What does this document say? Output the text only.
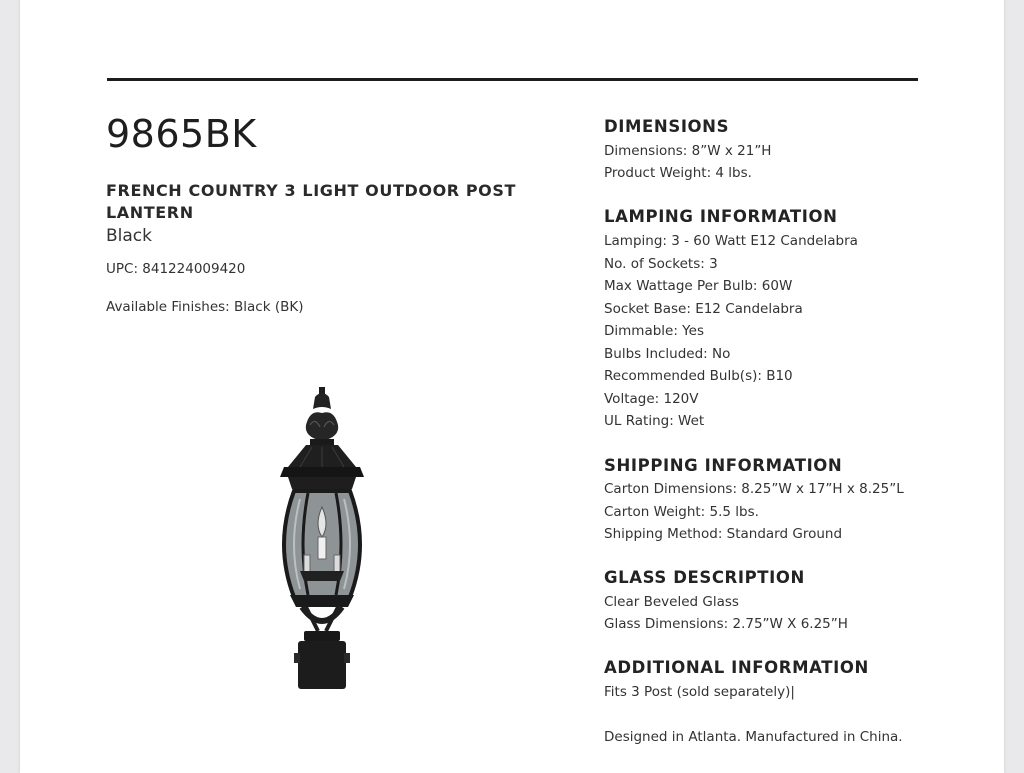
9865BK
FRENCH COUNTRY 3 LIGHT OUTDOOR POST LANTERN
Black
UPC: 841224009420
Available Finishes: Black (BK)
DIMENSIONS
Dimensions: 8”W x 21”H
Product Weight: 4 lbs.
LAMPING INFORMATION
Lamping: 3 - 60 Watt E12 Candelabra
No. of Sockets: 3
Max Wattage Per Bulb: 60W
Socket Base: E12 Candelabra
Dimmable: Yes
Bulbs Included: No
Recommended Bulb(s): B10
Voltage: 120V
UL Rating: Wet
SHIPPING INFORMATION
Carton Dimensions: 8.25”W x 17”H x 8.25”L
Carton Weight: 5.5 lbs.
Shipping Method: Standard Ground
GLASS DESCRIPTION
Clear Beveled Glass
Glass Dimensions: 2.75”W X 6.25”H
ADDITIONAL INFORMATION
Fits 3 Post (sold separately)|
Designed in Atlanta. Manufactured in China.
